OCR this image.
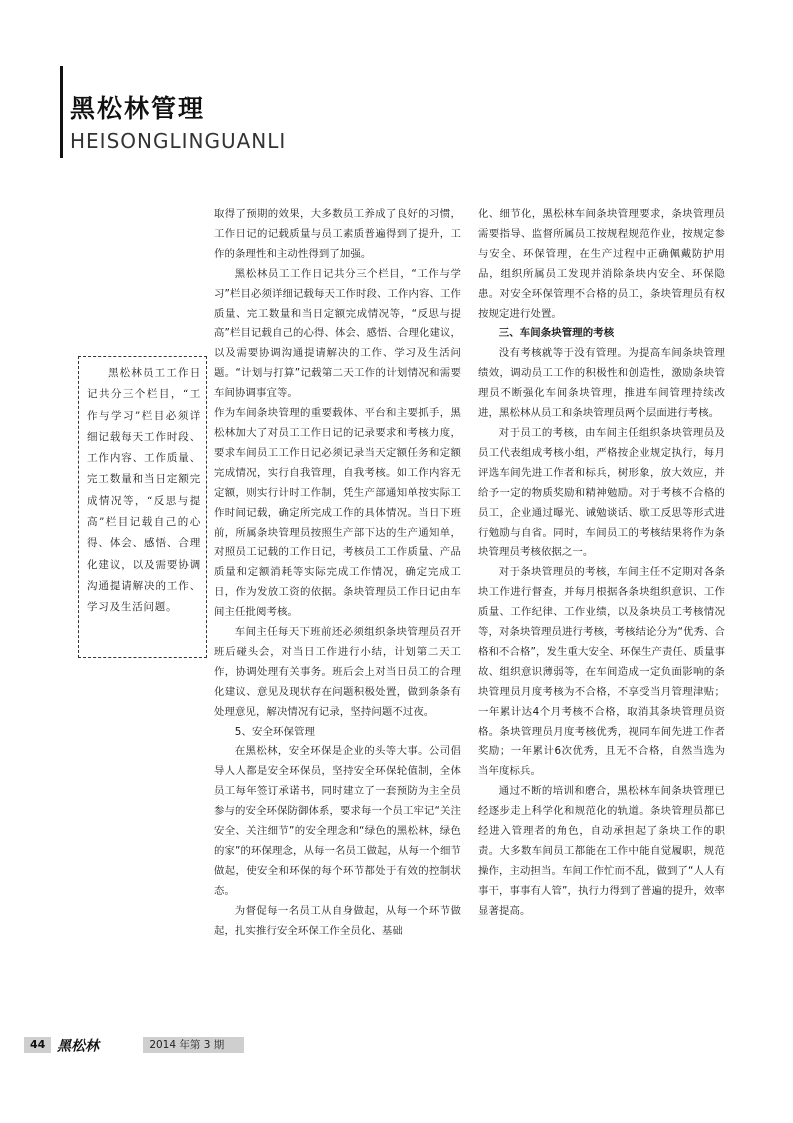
黑松林管理
HEISONGLINGUANLI

黑松林员工工作日记共分三个栏目，“工作与学习”栏目必须详细记载每天工作时段、工作内容、工作质量、完工数量和当日定额完成情况等，“反思与提高”栏目记载自己的心得、体会、感悟、合理化建议，以及需要协调沟通提请解决的工作、学习及生活问题。

取得了预期的效果，大多数员工养成了良好的习惯，工作日记的记载质量与员工素质普遍得到了提升，工作的条理性和主动性得到了加强。

黑松林员工工作日记共分三个栏目，“工作与学习”栏目必须详细记载每天工作时段、工作内容、工作质量、完工数量和当日定额完成情况等，“反思与提高”栏目记载自己的心得、体会、感悟、合理化建议，以及需要协调沟通提请解决的工作、学习及生活问题。“计划与打算”记载第二天工作的计划情况和需要车间协调事宜等。

作为车间条块管理的重要载体、平台和主要抓手，黑松林加大了对员工工作日记的记录要求和考核力度，要求车间员工工作日记必须记录当天定额任务和定额完成情况，实行自我管理，自我考核。如工作内容无定额，则实行计时工作制，凭生产部通知单按实际工作时间记载，确定所完成工作的具体情况。当日下班前，所属条块管理员按照生产部下达的生产通知单，对照员工记载的工作日记，考核员工工作质量、产品质量和定额消耗等实际完成工作情况，确定完成工日，作为发放工资的依据。条块管理员工作日记由车间主任批阅考核。

车间主任每天下班前还必须组织条块管理员召开班后碰头会，对当日工作进行小结，计划第二天工作，协调处理有关事务。班后会上对当日员工的合理化建议、意见及现状存在问题积极处置，做到条条有处理意见，解决情况有记录，坚持问题不过夜。

5、安全环保管理

在黑松林，安全环保是企业的头等大事。公司倡导人人都是安全环保员，坚持安全环保轮值制，全体员工每年签订承诺书，同时建立了一套预防为主全员参与的安全环保防御体系，要求每一个员工牢记“关注安全、关注细节”的安全理念和“绿色的黑松林，绿色的家”的环保理念，从每一名员工做起，从每一个细节做起，使安全和环保的每个环节都处于有效的控制状态。

为督促每一名员工从自身做起，从每一个环节做起，扎实推行安全环保工作全员化、基础

化、细节化，黑松林车间条块管理要求，条块管理员需要指导、监督所属员工按规程规范作业，按规定参与安全、环保管理，在生产过程中正确佩戴防护用品，组织所属员工发现并消除条块内安全、环保隐患。对安全环保管理不合格的员工，条块管理员有权按规定进行处置。

三、车间条块管理的考核

没有考核就等于没有管理。为提高车间条块管理绩效，调动员工工作的积极性和创造性，激励条块管理员不断强化车间条块管理，推进车间管理持续改进，黑松林从员工和条块管理员两个层面进行考核。

对于员工的考核，由车间主任组织条块管理员及员工代表组成考核小组，严格按企业规定执行，每月评选车间先进工作者和标兵，树形象，放大效应，并给予一定的物质奖励和精神勉励。对于考核不合格的员工，企业通过曝光、诫勉谈话、歇工反思等形式进行勉励与自省。同时，车间员工的考核结果将作为条块管理员考核依据之一。

对于条块管理员的考核，车间主任不定期对各条块工作进行督查，并每月根据各条块组织意识、工作质量、工作纪律、工作业绩，以及条块员工考核情况等，对条块管理员进行考核，考核结论分为“优秀、合格和不合格”，发生重大安全、环保生产责任、质量事故、组织意识薄弱等，在车间造成一定负面影响的条块管理员月度考核为不合格，不享受当月管理津贴；一年累计达4个月考核不合格，取消其条块管理员资格。条块管理员月度考核优秀，视同车间先进工作者奖励；一年累计6次优秀，且无不合格，自然当选为当年度标兵。

通过不断的培训和磨合，黑松林车间条块管理已经逐步走上科学化和规范化的轨道。条块管理员都已经进入管理者的角色，自动承担起了条块工作的职责。大多数车间员工都能在工作中能自觉履职，规范操作，主动担当。车间工作忙而不乱，做到了“人人有事干，事事有人管”，执行力得到了普遍的提升，效率显著提高。

44 黑松林	2014 年第 3 期
